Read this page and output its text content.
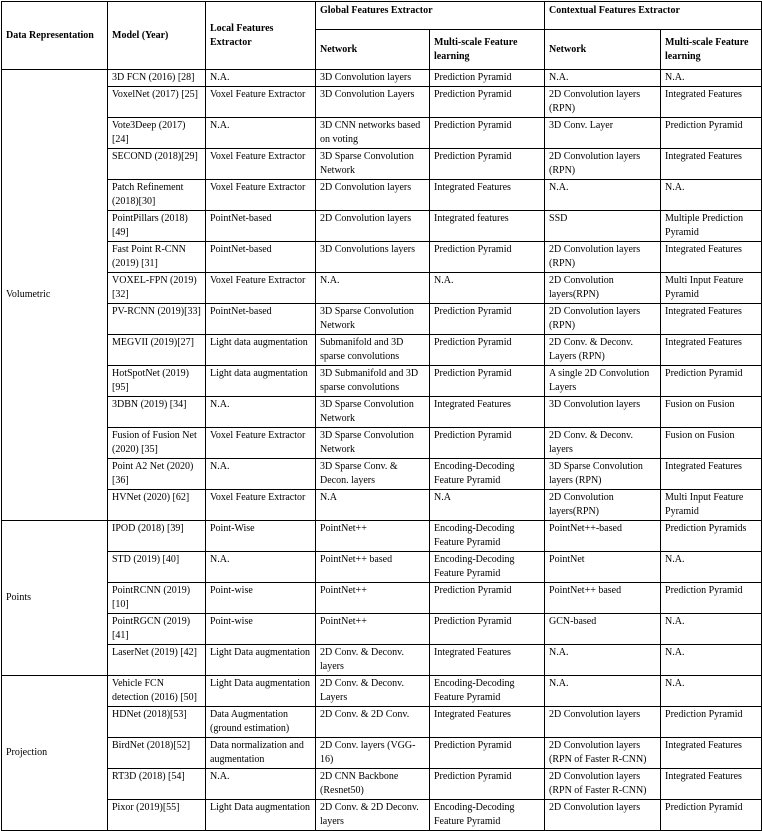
Data Representation	Model (Year)	Local Features Extractor	Global Features Extractor		Contextual Features Extractor	
			Network	Multi-scale Feature learning	Network	Multi-scale Feature learning
Volumetric	3D FCN (2016) [28]	N.A.	3D Convolution layers	Prediction Pyramid	N.A.	N.A.
	VoxelNet (2017) [25]	Voxel Feature Extractor	3D Convolution Layers	Prediction Pyramid	2D Convolution layers (RPN)	Integrated Features
	Vote3Deep (2017)[24]	N.A.	3D CNN networks based on voting	Prediction Pyramid	3D Conv. Layer	Prediction Pyramid
	SECOND (2018)[29]	Voxel Feature Extractor	3D Sparse Convolution Network	Prediction Pyramid	2D Convolution layers (RPN)	Integrated Features
	Patch Refinement (2018)[30]	Voxel Feature Extractor	2D Convolution layers	Integrated Features	N.A.	N.A.
	PointPillars (2018)[49]	PointNet-based	2D Convolution layers	Integrated features	SSD	Multiple Prediction Pyramid
	Fast Point R-CNN (2019) [31]	PointNet-based	3D Convolutions layers	Prediction Pyramid	2D Convolution layers (RPN)	Integrated Features
	VOXEL-FPN (2019)[32]	Voxel Feature Extractor	N.A.	N.A.	2D Convolution layers(RPN)	Multi Input Feature Pyramid
	PV-RCNN (2019)[33]	PointNet-based	3D Sparse Convolution Network	Prediction Pyramid	2D Convolution layers (RPN)	Integrated Features
	MEGVII (2019)[27]	Light data augmentation	Submanifold and 3D sparse convolutions	Prediction Pyramid	2D Conv. & Deconv. Layers (RPN)	Integrated Features
	HotSpotNet (2019)[95]	Light data augmentation	3D Submanifold and 3D sparse convolutions	Prediction Pyramid	A single 2D Convolution Layers	Prediction Pyramid
	3DBN (2019) [34]	N.A.	3D Sparse Convolution Network	Integrated Features	3D Convolution layers	Fusion on Fusion
	Fusion of Fusion Net (2020) [35]	Voxel Feature Extractor	3D Sparse Convolution Network	Prediction Pyramid	2D Conv. & Deconv. layers	Fusion on Fusion
	Point A2 Net (2020) [36]	N.A.	3D Sparse Conv. & Decon. layers	Encoding-Decoding Feature Pyramid	3D Sparse Convolution layers (RPN)	Integrated Features
	HVNet (2020) [62]	Voxel Feature Extractor	N.A	N.A	2D Convolution layers(RPN)	Multi Input Feature Pyramid
Points	IPOD (2018) [39]	Point-Wise	PointNet++	Encoding-Decoding Feature Pyramid	PointNet++-based	Prediction Pyramids
	STD (2019) [40]	N.A.	PointNet++ based	Encoding-Decoding Feature Pyramid	PointNet	N.A.
	PointRCNN (2019)[10]	Point-wise	PointNet++	Prediction Pyramid	PointNet++ based	Prediction Pyramid
	PointRGCN (2019)[41]	Point-wise	PointNet++	Prediction Pyramid	GCN-based	N.A.
	LaserNet (2019) [42]	Light Data augmentation	2D Conv. & Deconv. layers	Integrated Features	N.A.	N.A.
Projection	Vehicle FCN detection (2016) [50]	Light Data augmentation	2D Conv. & Deconv. Layers	Encoding-Decoding Feature Pyramid	N.A.	N.A.
	HDNet (2018)[53]	Data Augmentation (ground estimation)	2D Conv. & 2D Conv.	Integrated Features	2D Convolution layers	Prediction Pyramid
	BirdNet (2018)[52]	Data normalization and augmentation	2D Conv. layers (VGG-16)	Prediction Pyramid	2D Convolution layers (RPN of Faster R-CNN)	Integrated Features
	RT3D (2018) [54]	N.A.	2D CNN Backbone (Resnet50)	Prediction Pyramid	2D Convolution layers (RPN of Faster R-CNN)	Integrated Features
	Pixor (2019)[55]	Light Data augmentation	2D Conv. & 2D Deconv. layers	Encoding-Decoding Feature Pyramid	2D Convolution layers	Prediction Pyramid
